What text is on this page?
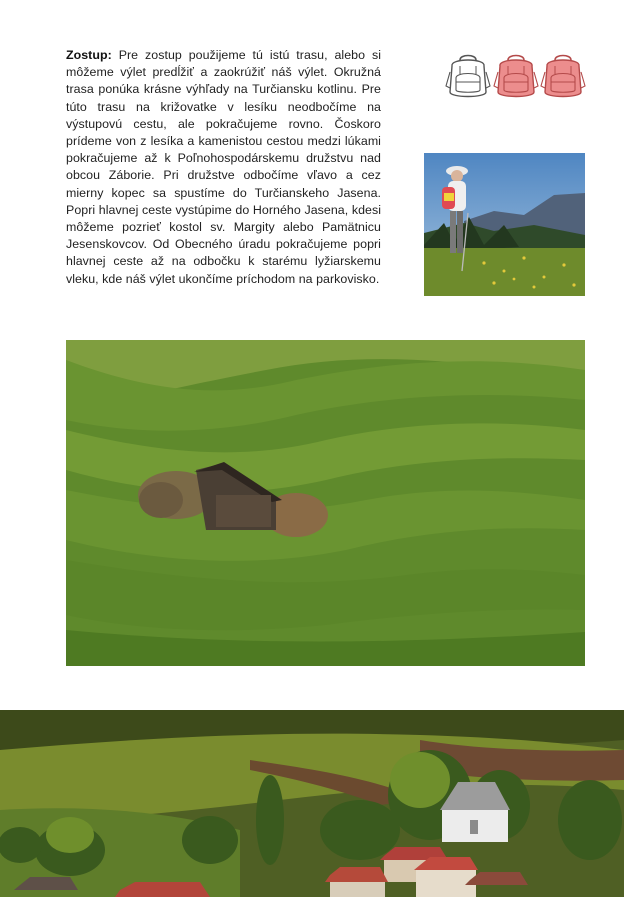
Zostup: Pre zostup použijeme tú istú trasu, alebo si môžeme výlet predĺžiť a zaokrúžiť náš výlet. Okružná trasa ponúka krásne výhľady na Turčiansku kotlinu. Pre túto trasu na križovatke v lesíku neodbočíme na výstupovú cestu, ale pokračujeme rovno. Čoskoro prídeme von z lesíka a kamenistou cestou medzi lúkami pokračujeme až k Poľnohospodárskemu družstvu nad obcou Záborie. Pri družstve odbočíme vľavo a cez mierny kopec sa spustíme do Turčianskeho Jasena. Popri hlavnej ceste vystúpime do Horného Jasena, kdesi môžeme pozrieť kostol sv. Margity alebo Pamätnicu Jesenskovcov. Od Obecného úradu pokračujeme popri hlavnej ceste až na odbočku k starému lyžiarskemu vleku, kde náš výlet ukončíme príchodom na parkovisko.
